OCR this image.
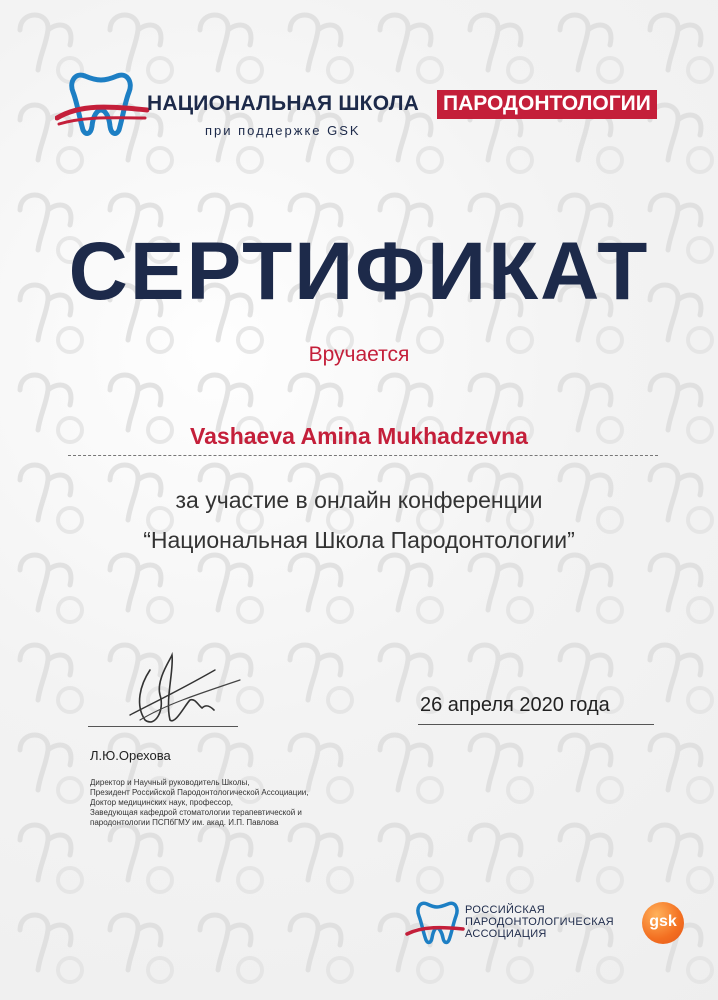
НАЦИОНАЛЬНАЯ ШКОЛА ПАРОДОНТОЛОГИИ
при поддержке GSK
СЕРТИФИКАТ
Вручается
Vashaeva Amina Mukhadzevna
за участие в онлайн конференции
“Национальная Школа Пародонтологии”
Л.Ю.Орехова
Директор и Научный руководитель Школы,
Президент Российской Пародонтологической Ассоциации,
Доктор медицинских наук, профессор,
Заведующая кафедрой стоматологии терапевтической и
пародонтологии ПСПбГМУ им. акад. И.П. Павлова
26 апреля 2020 года
РОССИЙСКАЯ
ПАРОДОНТОЛОГИЧЕСКАЯ
АССОЦИАЦИЯ
gsk
